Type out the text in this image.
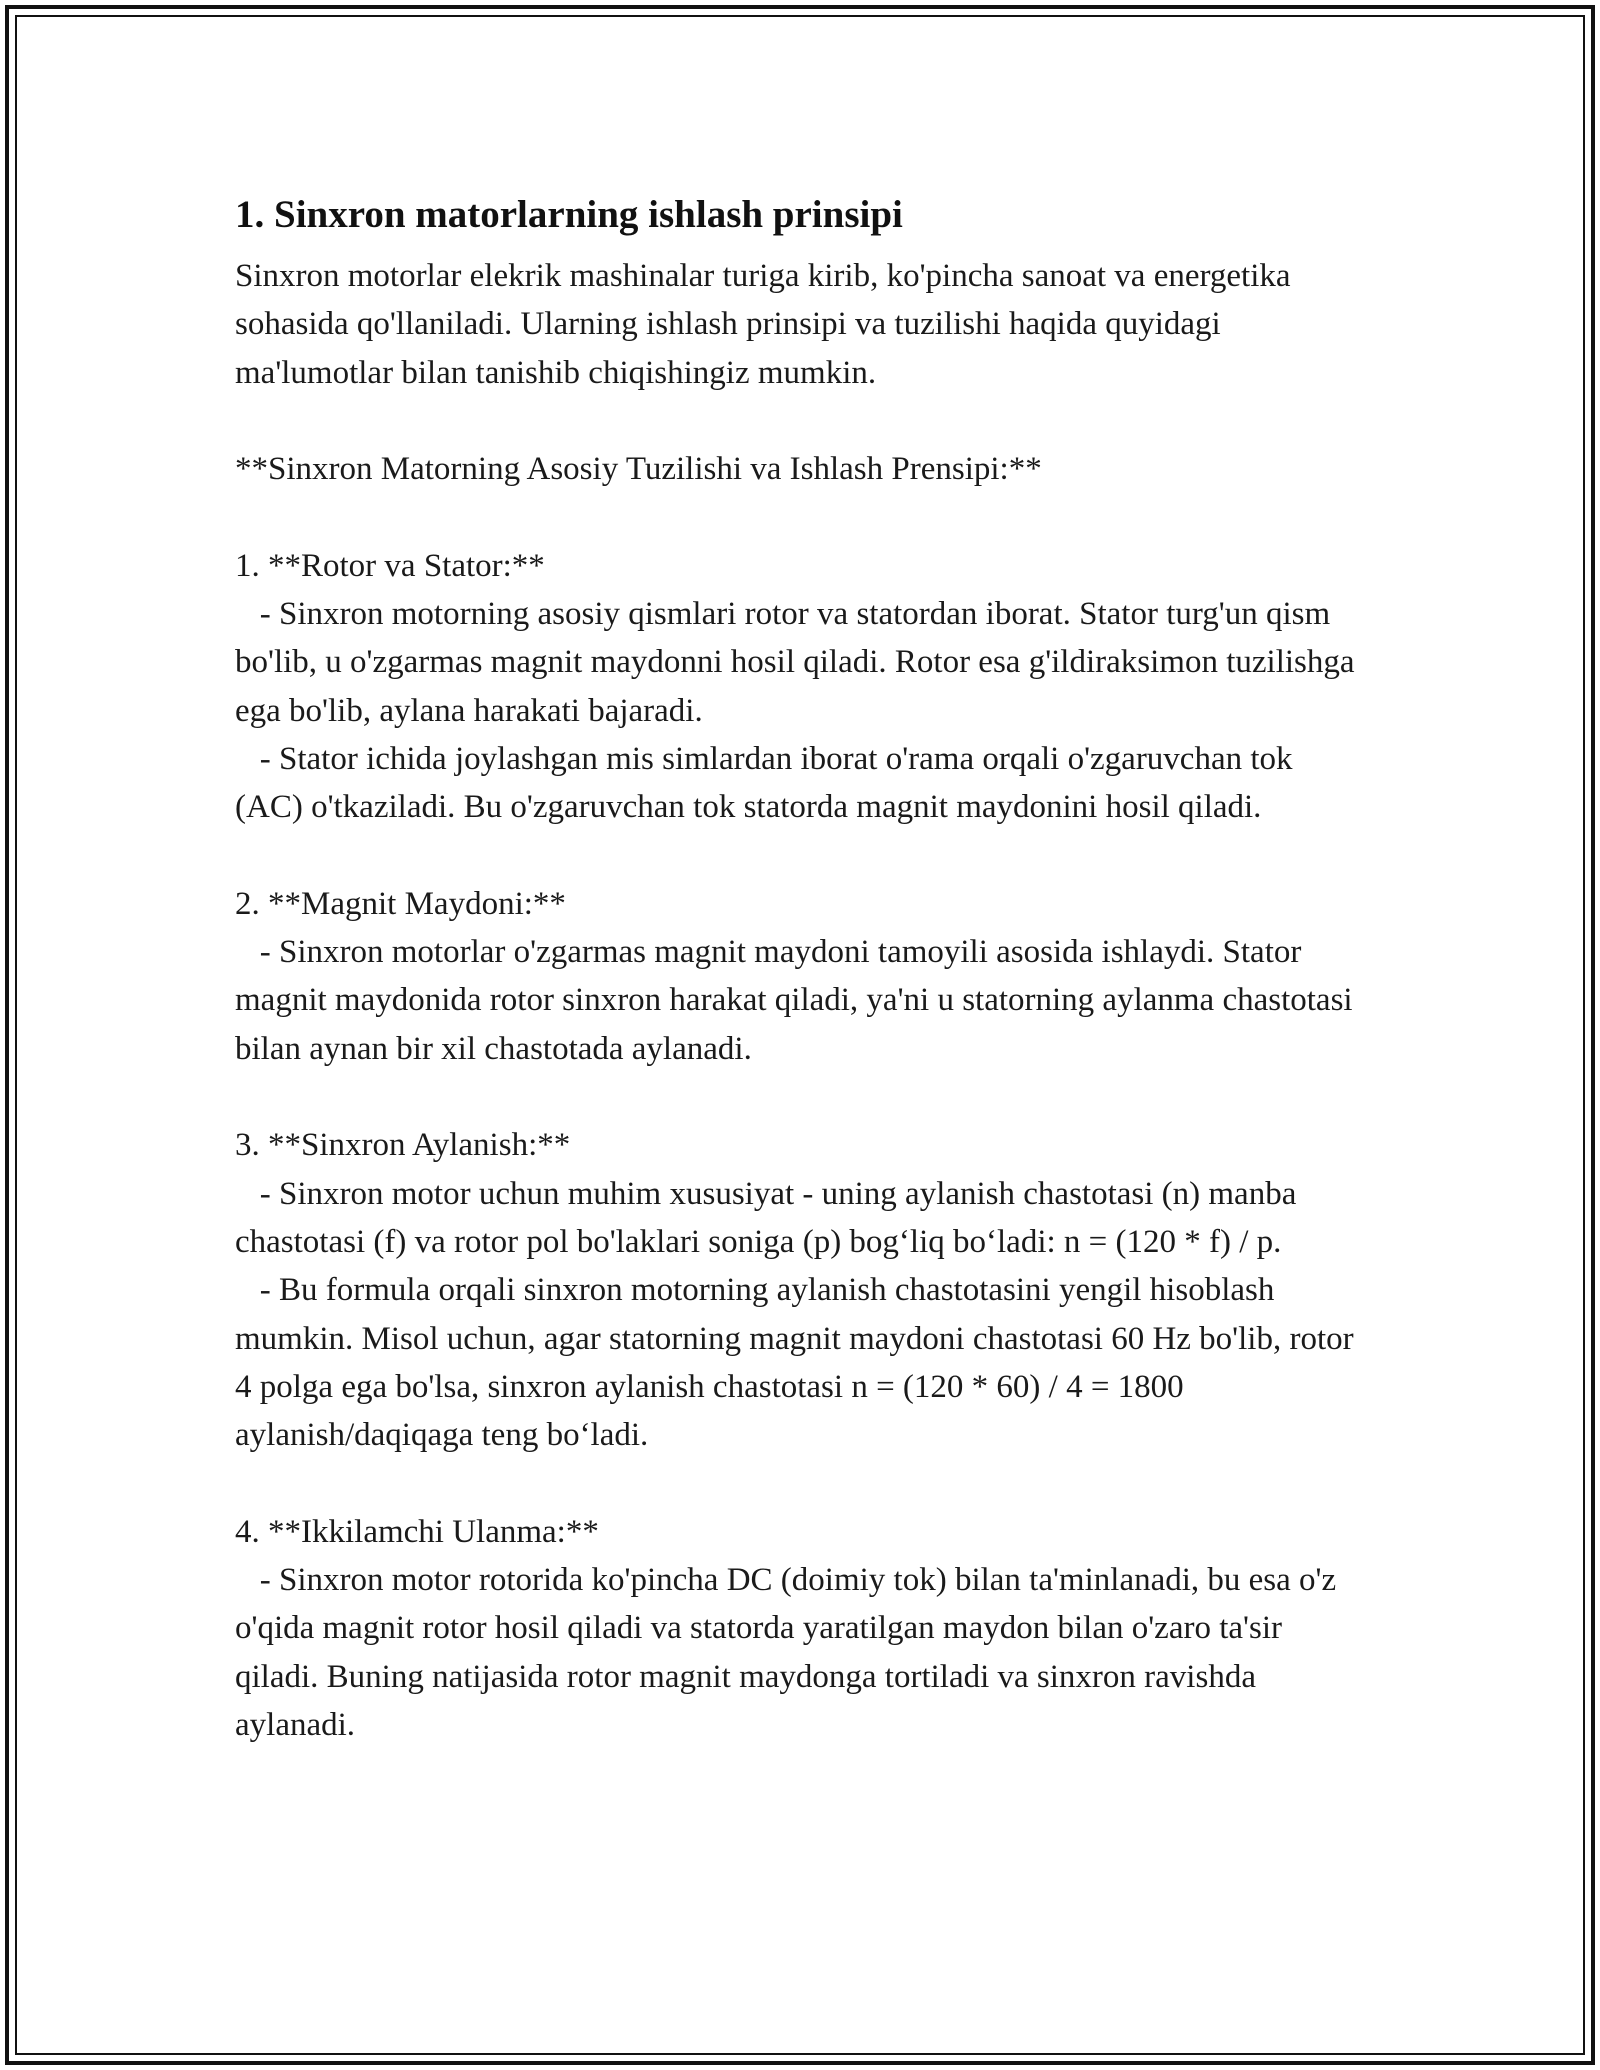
1. Sinxron matorlarning ishlash prinsipi

Sinxron motorlar elekrik mashinalar turiga kirib, ko'pincha sanoat va energetika sohasida qo'llaniladi. Ularning ishlash prinsipi va tuzilishi haqida quyidagi ma'lumotlar bilan tanishib chiqishingiz mumkin.

**Sinxron Matorning Asosiy Tuzilishi va Ishlash Prensipi:**

1. **Rotor va Stator:**

- Sinxron motorning asosiy qismlari rotor va statordan iborat. Stator turg'un qism bo'lib, u o'zgarmas magnit maydonni hosil qiladi. Rotor esa g'ildiraksimon tuzilishga ega bo'lib, aylana harakati bajaradi.

- Stator ichida joylashgan mis simlardan iborat o'rama orqali o'zgaruvchan tok (AC) o'tkaziladi. Bu o'zgaruvchan tok statorda magnit maydonini hosil qiladi.

2. **Magnit Maydoni:**

- Sinxron motorlar o'zgarmas magnit maydoni tamoyili asosida ishlaydi. Stator magnit maydonida rotor sinxron harakat qiladi, ya'ni u statorning aylanma chastotasi bilan aynan bir xil chastotada aylanadi.

3. **Sinxron Aylanish:**

- Sinxron motor uchun muhim xususiyat - uning aylanish chastotasi (n) manba chastotasi (f) va rotor pol bo'laklari soniga (p) bog‘liq bo‘ladi: n = (120 * f) / p.

- Bu formula orqali sinxron motorning aylanish chastotasini yengil hisoblash mumkin. Misol uchun, agar statorning magnit maydoni chastotasi 60 Hz bo'lib, rotor 4 polga ega bo'lsa, sinxron aylanish chastotasi n = (120 * 60) / 4 = 1800 aylanish/daqiqaga teng bo‘ladi.

4. **Ikkilamchi Ulanma:**

- Sinxron motor rotorida ko'pincha DC (doimiy tok) bilan ta'minlanadi, bu esa o'z o'qida magnit rotor hosil qiladi va statorda yaratilgan maydon bilan o'zaro ta'sir qiladi. Buning natijasida rotor magnit maydonga tortiladi va sinxron ravishda aylanadi.
